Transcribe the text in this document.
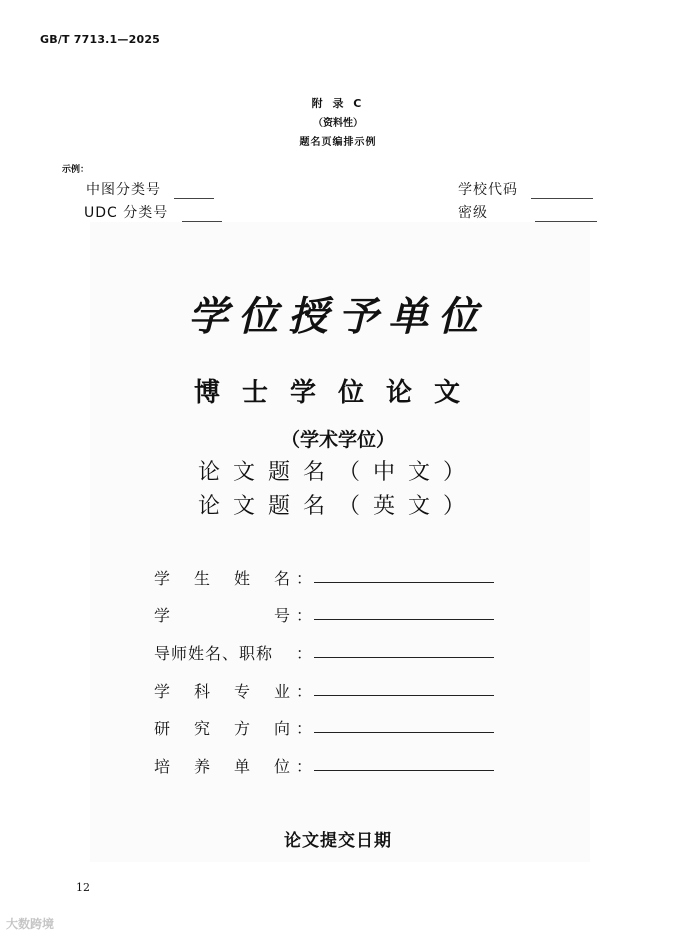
GB/T 7713.1—2025
附 录 C
（资料性）
题名页编排示例
示例：
中图分类号
UDC 分类号
学校代码
密级
学位授予单位
博士学位论文
（学术学位）
论文题名（中文）
论文题名（英文）
学 生 姓 名 ：
学	号 ：
导师姓名、职称 ：
学 科 专 业 ：
研 究 方 向 ：
培 养 单 位 ：
论文提交日期
12
大数跨境
